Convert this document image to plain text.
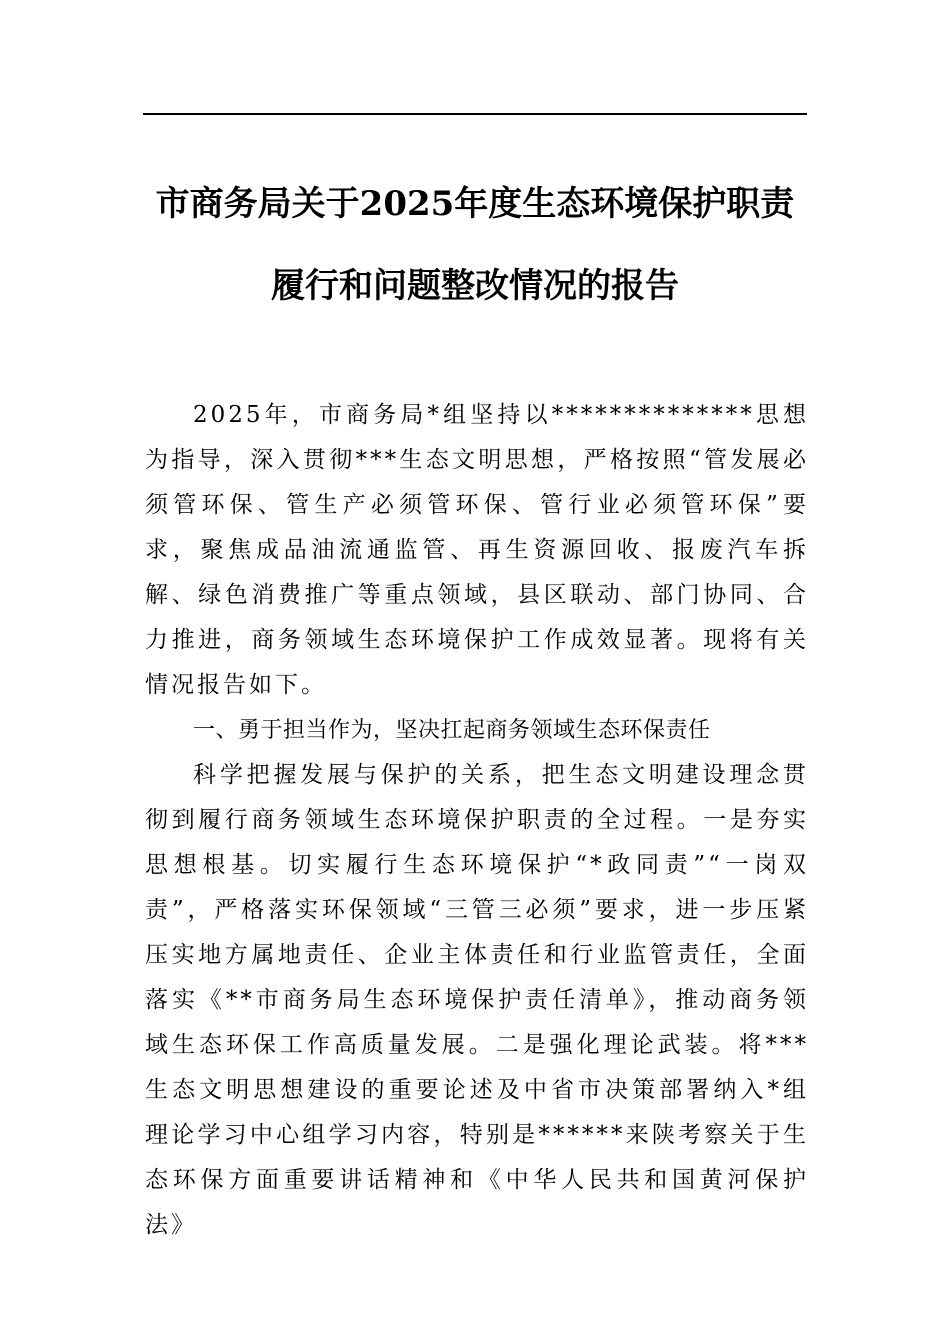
市商务局关于2025年度生态环境保护职责
履行和问题整改情况的报告

2025年，市商务局*组坚持以**************思想为指导，深入贯彻***生态文明思想，严格按照“管发展必须管环保、管生产必须管环保、管行业必须管环保”要求，聚焦成品油流通监管、再生资源回收、报废汽车拆解、绿色消费推广等重点领域，县区联动、部门协同、合力推进，商务领域生态环境保护工作成效显著。现将有关情况报告如下。

一、勇于担当作为，坚决扛起商务领域生态环保责任

科学把握发展与保护的关系，把生态文明建设理念贯彻到履行商务领域生态环境保护职责的全过程。一是夯实思想根基。切实履行生态环境保护“*政同责”“一岗双责”，严格落实环保领域“三管三必须”要求，进一步压紧压实地方属地责任、企业主体责任和行业监管责任，全面落实《**市商务局生态环境保护责任清单》，推动商务领域生态环保工作高质量发展。二是强化理论武装。将***生态文明思想建设的重要论述及中省市决策部署纳入*组理论学习中心组学习内容，特别是******来陕考察关于生态环保方面重要讲话精神和《中华人民共和国黄河保护法》
